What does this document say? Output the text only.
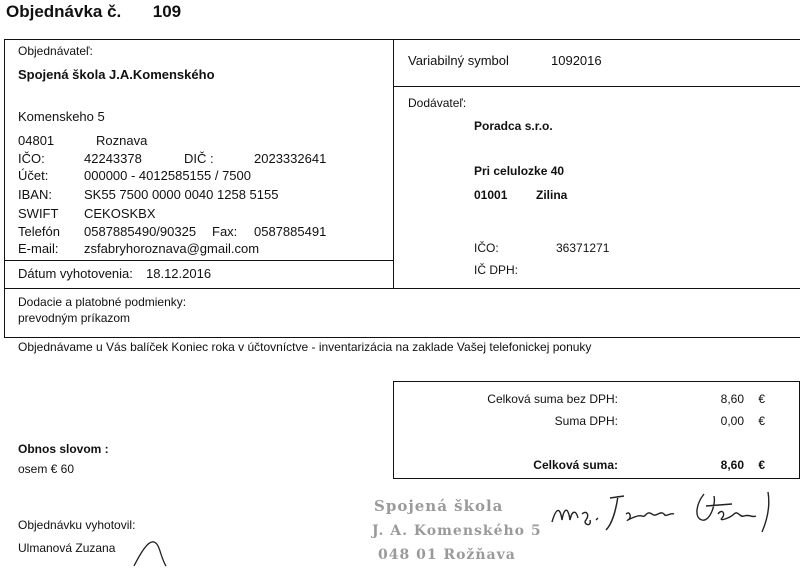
Objednávka č. 109
Objednávateľ:
Spojená škola J.A.Komenského
Komenskeho 5
04801	Roznava
IČO:	42243378	DIČ :	2023332641
Účet:	000000 - 4012585155 / 7500
IBAN: SK55 7500 0000 0040 1258 5155
SWIFT CEKOSKBX
Telefón 0587885490/90325 Fax: 0587885491
E-mail: zsfabryhoroznava@gmail.com
Dátum vyhotovenia: 18.12.2016
Variabilný symbol	1092016
Dodávateľ:
Poradca s.r.o.
Pri celulozke 40
01001 Zilina
IČO:	36371271
IČ DPH:
Dodacie a platobné podmienky:
prevodným príkazom
Objednávame u Vás balíček Koniec roka v účtovníctve - inventarizácia na zaklade Vašej telefonickej ponuky
Celková suma bez DPH:	8,60 €
Suma DPH:	0,00 €
Celková suma:	8,60 €
Obnos slovom :
osem € 60
Objednávku vyhotovil:
Ulmanová Zuzana
Spojená škola
J. A. Komenského 5
048 01 Rožňava
